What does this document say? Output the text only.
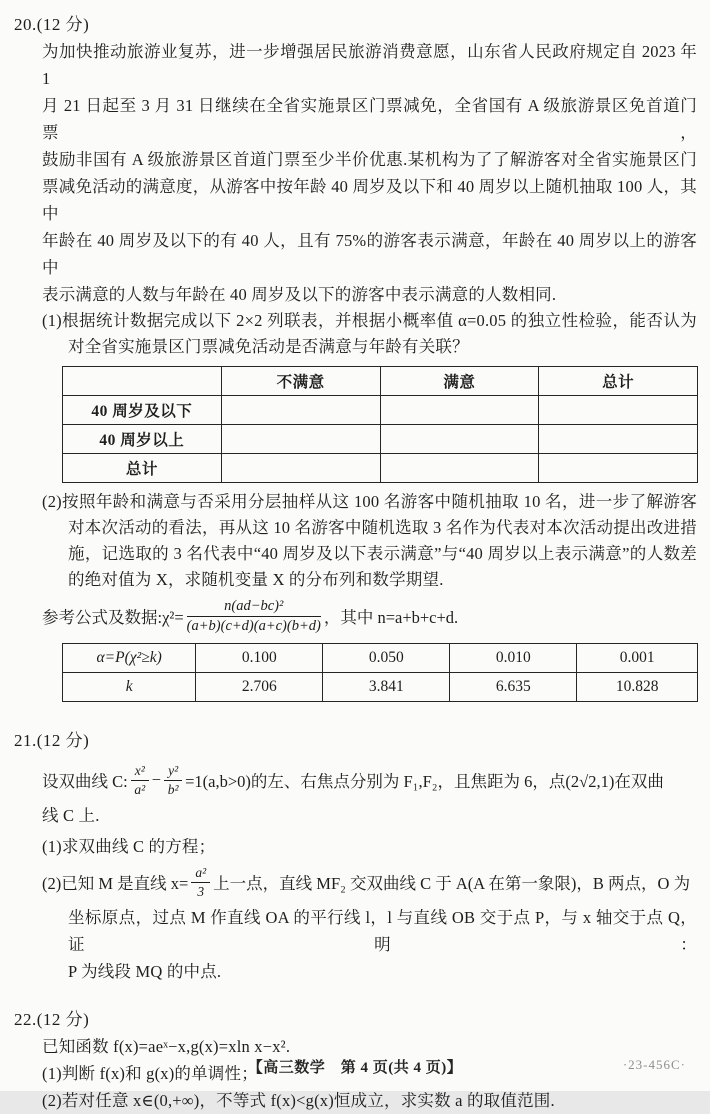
20.(12 分)
为加快推动旅游业复苏，进一步增强居民旅游消费意愿，山东省人民政府规定自 2023 年 1
月 21 日起至 3 月 31 日继续在全省实施景区门票减免，全省国有 A 级旅游景区免首道门票，
鼓励非国有 A 级旅游景区首道门票至少半价优惠.某机构为了了解游客对全省实施景区门
票减免活动的满意度，从游客中按年龄 40 周岁及以下和 40 周岁以上随机抽取 100 人，其中
年龄在 40 周岁及以下的有 40 人，且有 75%的游客表示满意，年龄在 40 周岁以上的游客中
表示满意的人数与年龄在 40 周岁及以下的游客中表示满意的人数相同.
(1)根据统计数据完成以下 2×2 列联表，并根据小概率值 α=0.05 的独立性检验，能否认为
对全省实施景区门票减免活动是否满意与年龄有关联？
	不满意	满意	总计
40 周岁及以下			
40 周岁以上			
总计			
(2)按照年龄和满意与否采用分层抽样从这 100 名游客中随机抽取 10 名，进一步了解游客
对本次活动的看法，再从这 10 名游客中随机选取 3 名作为代表对本次活动提出改进措
施，记选取的 3 名代表中“40 周岁及以下表示满意”与“40 周岁以上表示满意”的人数差
的绝对值为 X，求随机变量 X 的分布列和数学期望.
参考公式及数据:χ²= $\frac{\text{n(ad−bc)²}}{(a+b)(c+d)(a+c)(b+d)}$ ，其中 n=a+b+c+d.
α=P(χ²≥k)	0.100	0.050	0.010	0.001
k	2.706	3.841	6.635	10.828
21.(12 分)
设双曲线 C: $\frac{\text{x²}}{\text{a²}} - \frac{\text{y²}}{\text{b²}} =1(a,b>0)$的左、右焦点分别为 F₁,F₂，且焦距为 6，点(2√2,1)在双曲
线 C 上.
(1)求双曲线 C 的方程；
(2)已知 M 是直线 $x= \frac{\text{a²}}{3}$ 上一点，直线 MF₂ 交双曲线 C 于 A(A 在第一象限)，B 两点，O 为
坐标原点，过点 M 作直线 OA 的平行线 l，l 与直线 OB 交于点 P，与 x 轴交于点 Q，证明：
P 为线段 MQ 的中点.
22.(12 分)
已知函数 f(x)=aeˣ−x,g(x)=xln x−x².
(1)判断 f(x)和 g(x)的单调性；
(2)若对任意 x∈(0,+∞)，不等式 f(x)<g(x)恒成立，求实数 a 的取值范围.
【高三数学　第 4 页(共 4 页)】	·23-456C·
